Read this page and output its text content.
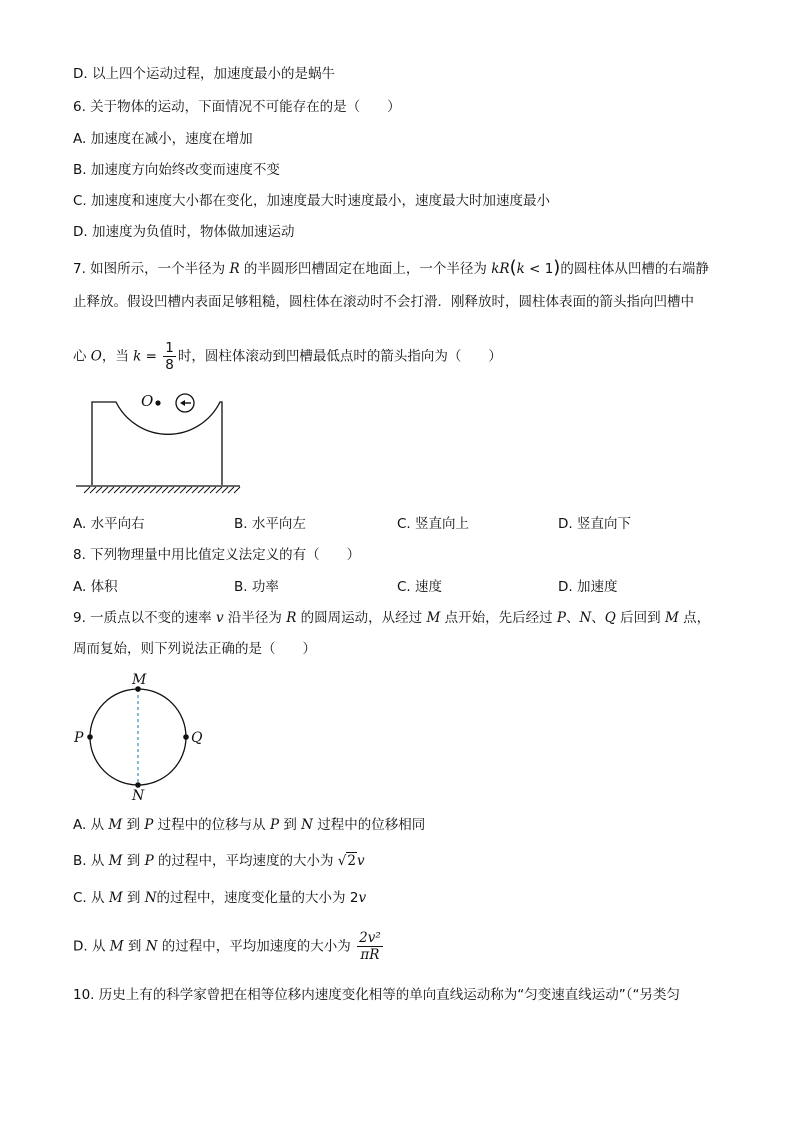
D. 以上四个运动过程，加速度最小的是蜗牛
6. 关于物体的运动，下面情况不可能存在的是（　　）
A. 加速度在减小，速度在增加
B. 加速度方向始终改变而速度不变
C. 加速度和速度大小都在变化，加速度最大时速度最小，速度最大时加速度最小
D. 加速度为负值时，物体做加速运动
7. 如图所示，一个半径为 R 的半圆形凹槽固定在地面上，一个半径为 kR(k < 1)的圆柱体从凹槽的右端静
止释放。假设凹槽内表面足够粗糙，圆柱体在滚动时不会打滑．刚释放时，圆柱体表面的箭头指向凹槽中
心 O，当 $k = \frac{1}{8}$ 时，圆柱体滚动到凹槽最低点时的箭头指向为（　　）
O
A. 水平向右	B. 水平向左	C. 竖直向上	D. 竖直向下
8. 下列物理量中用比值定义法定义的有（　　）
A. 体积	B. 功率	C. 速度	D. 加速度
9. 一质点以不变的速率 v 沿半径为 R 的圆周运动，从经过 M 点开始，先后经过 P、N、Q 后回到 M 点，
周而复始，则下列说法正确的是（　　）
M
N
P	Q
A. 从 M 到 P 过程中的位移与从 P 到 N 过程中的位移相同
B. 从 M 到 P 的过程中，平均速度的大小为 √2v
C. 从 M 到 N的过程中，速度变化量的大小为 2v
D. 从 M 到 N 的过程中，平均加速度的大小为 $\frac{\text{2v²}}{\pi R}$
10. 历史上有的科学家曾把在相等位移内速度变化相等的单向直线运动称为“匀变速直线运动”（“另类匀
